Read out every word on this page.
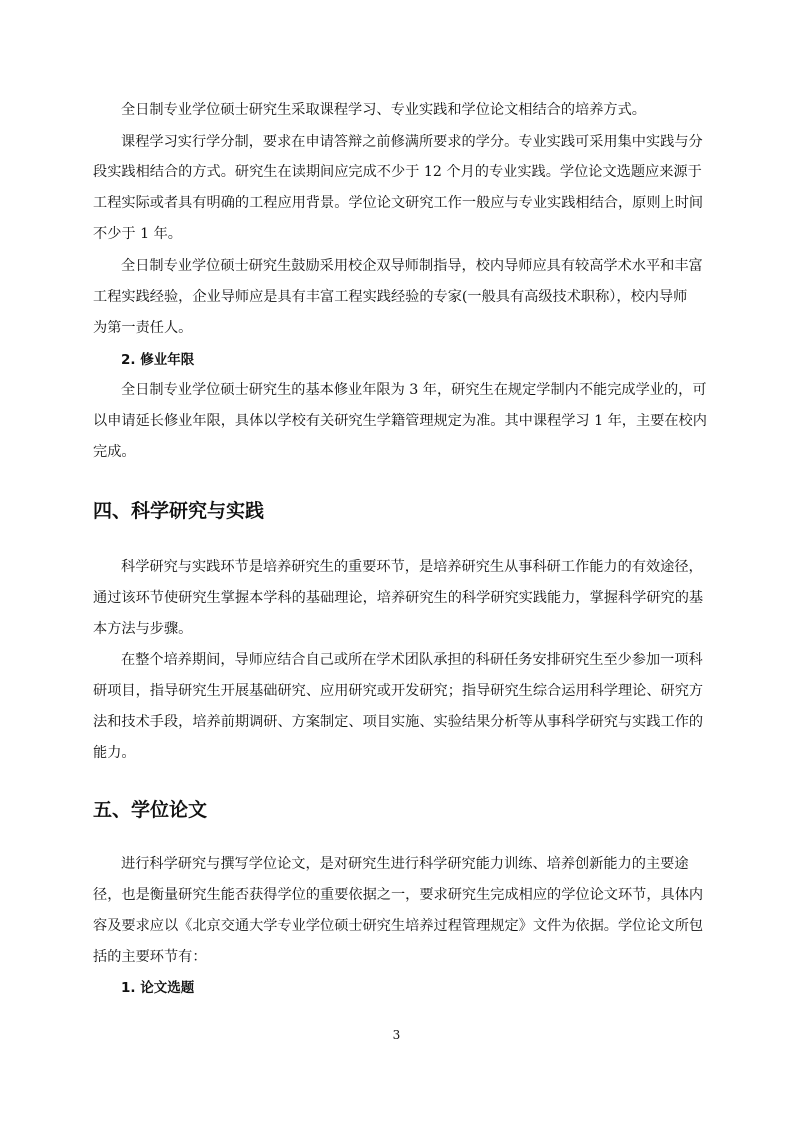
全日制专业学位硕士研究生采取课程学习、专业实践和学位论文相结合的培养方式。
课程学习实行学分制，要求在申请答辩之前修满所要求的学分。专业实践可采用集中实践与分
段实践相结合的方式。研究生在读期间应完成不少于 12 个月的专业实践。学位论文选题应来源于
工程实际或者具有明确的工程应用背景。学位论文研究工作一般应与专业实践相结合，原则上时间
不少于 1 年。
全日制专业学位硕士研究生鼓励采用校企双导师制指导，校内导师应具有较高学术水平和丰富
工程实践经验，企业导师应是具有丰富工程实践经验的专家(一般具有高级技术职称），校内导师
为第一责任人。
2. 修业年限
全日制专业学位硕士研究生的基本修业年限为 3 年，研究生在规定学制内不能完成学业的，可
以申请延长修业年限，具体以学校有关研究生学籍管理规定为准。其中课程学习 1 年，主要在校内
完成。
四、科学研究与实践
科学研究与实践环节是培养研究生的重要环节，是培养研究生从事科研工作能力的有效途径，
通过该环节使研究生掌握本学科的基础理论，培养研究生的科学研究实践能力，掌握科学研究的基
本方法与步骤。
在整个培养期间，导师应结合自己或所在学术团队承担的科研任务安排研究生至少参加一项科
研项目，指导研究生开展基础研究、应用研究或开发研究；指导研究生综合运用科学理论、研究方
法和技术手段，培养前期调研、方案制定、项目实施、实验结果分析等从事科学研究与实践工作的
能力。
五、学位论文
进行科学研究与撰写学位论文，是对研究生进行科学研究能力训练、培养创新能力的主要途
径，也是衡量研究生能否获得学位的重要依据之一，要求研究生完成相应的学位论文环节，具体内
容及要求应以《北京交通大学专业学位硕士研究生培养过程管理规定》文件为依据。学位论文所包
括的主要环节有：
1. 论文选题
3
